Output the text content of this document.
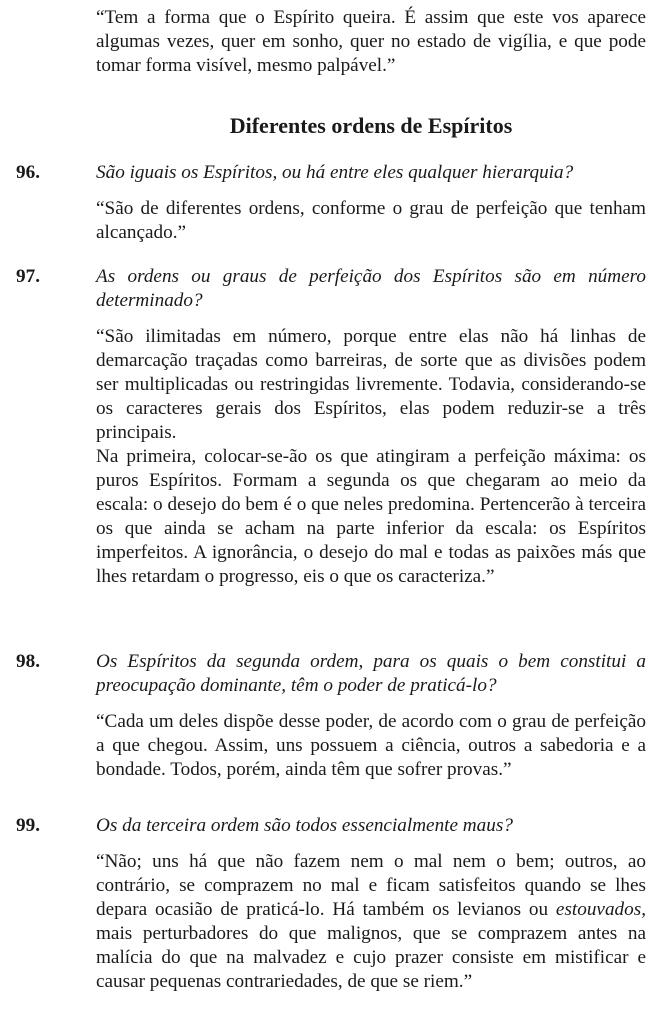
“Tem a forma que o Espírito queira. É assim que este vos aparece algumas vezes, quer em sonho, quer no estado de vigília, e que pode tomar forma visível, mesmo palpável.”

Diferentes ordens de Espíritos

96.	São iguais os Espíritos, ou há entre eles qualquer hierarquia?

“São de diferentes ordens, conforme o grau de perfeição que tenham alcançado.”

97.	As ordens ou graus de perfeição dos Espíritos são em número determinado?

“São ilimitadas em número, porque entre elas não há linhas de demarcação traçadas como barreiras, de sorte que as divisões podem ser multiplicadas ou restringidas livremente. Todavia, considerando-se os caracteres gerais dos Espíritos, elas podem reduzir-se a três principais.

Na primeira, colocar-se-ão os que atingiram a perfeição máxima: os puros Espíritos. Formam a segunda os que chegaram ao meio da escala: o desejo do bem é o que neles predomina. Pertencerão à terceira os que ainda se acham na parte inferior da escala: os Espíritos imperfeitos. A ignorância, o desejo do mal e todas as paixões más que lhes retardam o progresso, eis o que os caracteriza.”

98.	Os Espíritos da segunda ordem, para os quais o bem constitui a preocupação dominante, têm o poder de praticá-lo?

“Cada um deles dispõe desse poder, de acordo com o grau de perfeição a que chegou. Assim, uns possuem a ciência, outros a sabedoria e a bondade. Todos, porém, ainda têm que sofrer provas.”

99.	Os da terceira ordem são todos essencialmente maus?

“Não; uns há que não fazem nem o mal nem o bem; outros, ao contrário, se comprazem no mal e ficam satisfeitos quando se lhes depara ocasião de praticá-lo. Há também os levianos ou estouvados, mais perturbadores do que malignos, que se comprazem antes na malícia do que na malvadez e cujo prazer consiste em mistificar e causar pequenas contrariedades, de que se riem.”
